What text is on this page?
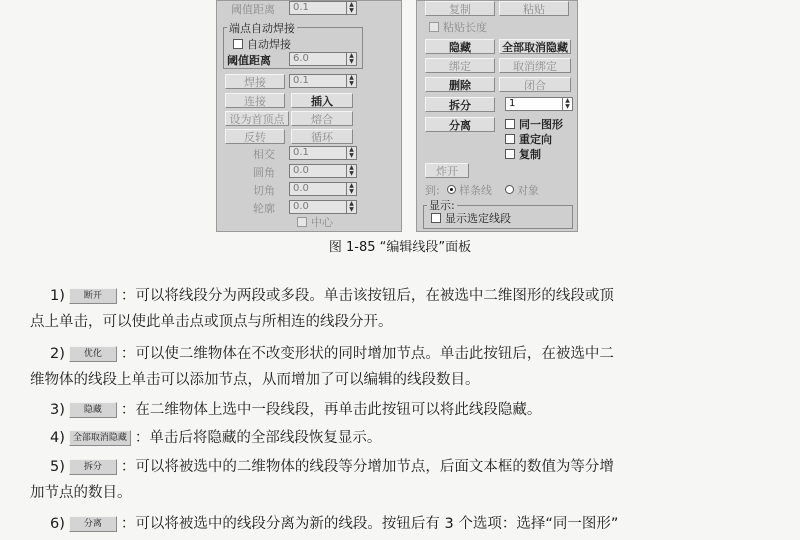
阈值距离 0.1	▲
▼
端点自动焊接
自动焊接
阈值距离 6.0	▲
▼
焊接	0.1	▲
▼
连接	插入
设为首顶点	熔合
反转	循环
相交 0.1	▲
▼
圆角 0.0	▲
▼
切角 0.0	▲
▼
轮廓 0.0	▲
▼
中心
复制	粘贴
粘贴长度
隐藏	全部取消隐藏
绑定	取消绑定
删除	闭合
拆分	1	▲
▼
分离	同一图形
重定向
复制
炸开
到: 样条线 对象
显示:
显示选定线段
图 1-85 “编辑线段”面板
1) 断开 ：可以将线段分为两段或多段。单击该按钮后，在被选中二维图形的线段或顶
点上单击，可以使此单击点或顶点与所相连的线段分开。
2) 优化 ：可以使二维物体在不改变形状的同时增加节点。单击此按钮后，在被选中二
维物体的线段上单击可以添加节点，从而增加了可以编辑的线段数目。
3) 隐藏 ：在二维物体上选中一段线段，再单击此按钮可以将此线段隐藏。
4) 全部取消隐藏 ：单击后将隐藏的全部线段恢复显示。
5) 拆分 ：可以将被选中的二维物体的线段等分增加节点，后面文本框的数值为等分增
加节点的数目。
6) 分离 ：可以将被选中的线段分离为新的线段。按钮后有 3 个选项：选择“同一图形”
